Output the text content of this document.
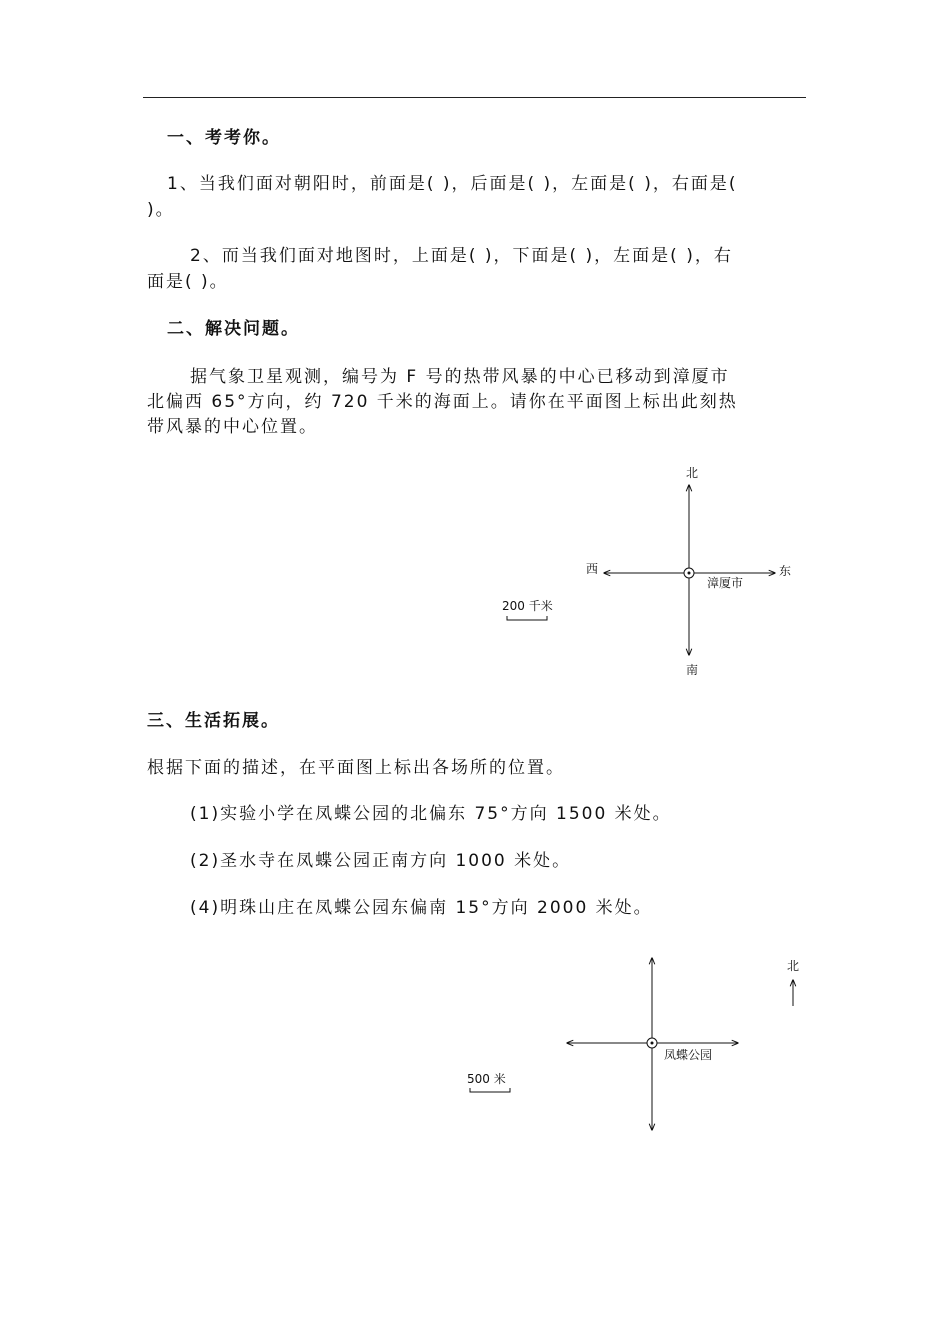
一、考考你。
1、当我们面对朝阳时，前面是( )，后面是( )，左面是( )，右面是(
)。
2、而当我们面对地图时，上面是( )，下面是( )，左面是( )，右
面是( )。
二、解决问题。
据气象卫星观测，编号为 F 号的热带风暴的中心已移动到漳厦市
北偏西 65°方向，约 720 千米的海面上。请你在平面图上标出此刻热
带风暴的中心位置。
三、生活拓展。
根据下面的描述，在平面图上标出各场所的位置。
(1)实验小学在凤蝶公园的北偏东 75°方向 1500 米处。
(2)圣水寺在凤蝶公园正南方向 1000 米处。
(4)明珠山庄在凤蝶公园东偏南 15°方向 2000 米处。
北
南
西	东
漳厦市
200 千米
凤蝶公园
500 米
北
